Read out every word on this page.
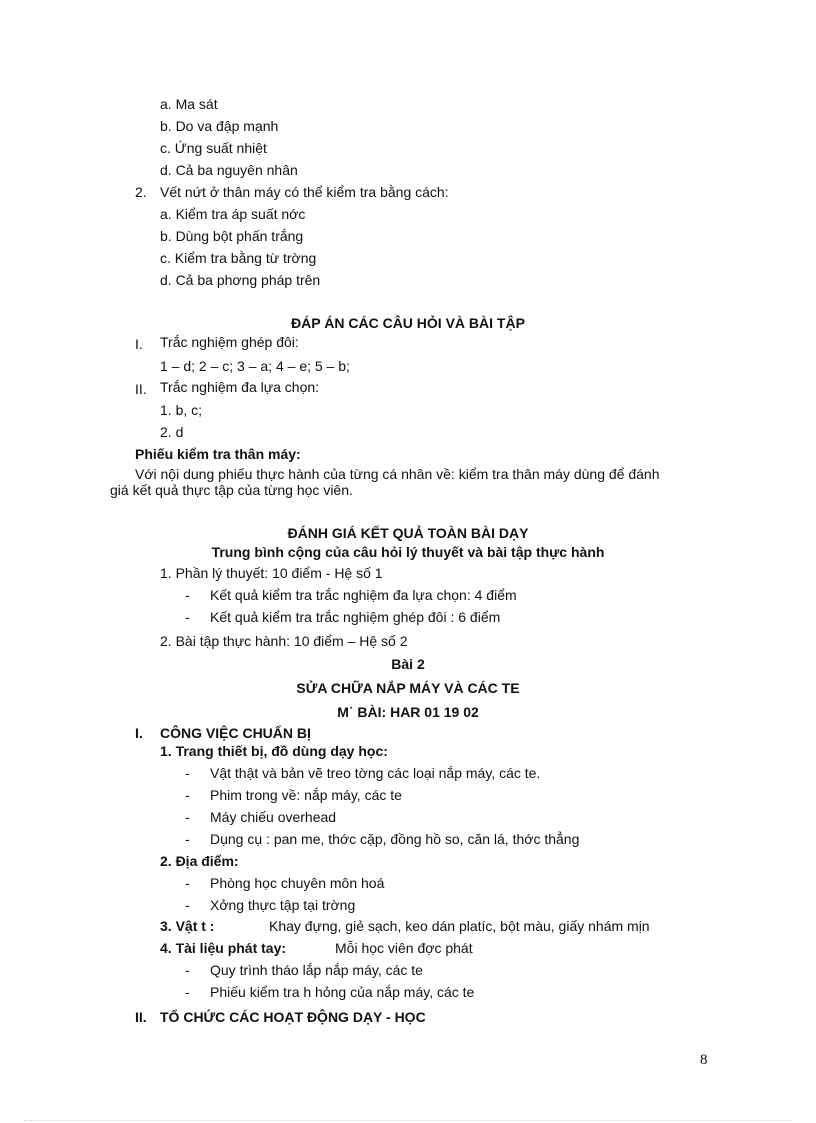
a. Ma sát
b. Do va đập mạnh
c. Ứng suất nhiệt
d. Cả ba nguyên nhân
2. Vết nứt ở thân máy có thể kiểm tra bằng cách:
a. Kiểm tra áp suất nớc
b. Dùng bột phấn trắng
c. Kiểm tra bằng từ trờng
d. Cả ba phơng pháp trên
ĐÁP ÁN CÁC CÂU HỎI VÀ BÀI TẬP
I. Trắc nghiệm ghép đôi:
1 – d; 2 – c; 3 – a; 4 – e; 5 – b;
II. Trắc nghiệm đa lựa chọn:
1. b, c;
2. d
Phiếu kiểm tra thân máy:
Với nội dung phiếu thực hành của từng cá nhân về: kiểm tra thân máy dùng để đánh
giá kết quả thực tập của từng học viên.
ĐÁNH GIÁ KẾT QUẢ TOÀN BÀI DẠY
Trung bình cộng của câu hỏi lý thuyết và bài tập thực hành
1. Phần lý thuyết: 10 điểm - Hệ số 1
- Kết quả kiểm tra trắc nghiệm đa lựa chọn: 4 điểm
- Kết quả kiểm tra trắc nghiệm ghép đôi : 6 điểm
2. Bài tập thực hành: 10 điểm – Hệ số 2
Bài 2
SỬA CHỮA NẮP MÁY VÀ CÁC TE
M˙ BÀI: HAR 01 19 02
I. CÔNG VIỆC CHUẨN BỊ
1. Trang thiết bị, đồ dùng dạy học:
- Vật thật và bản vẽ treo tờng các loại nắp máy, các te.
- Phim trong về: nắp máy, các te
- Máy chiếu overhead
- Dụng cụ : pan me, thớc cặp, đồng hồ so, căn lá, thớc thẳng
2. Địa điểm:
- Phòng học chuyên môn hoá
- Xởng thực tập tại trờng
3. Vật t :	Khay đựng, giẻ sạch, keo dán platíc, bột màu, giấy nhám mịn
4. Tài liệu phát tay:	Mỗi học viên đợc phát
- Quy trình tháo lắp nắp máy, các te
- Phiếu kiểm tra h hỏng của nắp máy, các te
II. TỔ CHỨC CÁC HOẠT ĐỘNG DẠY - HỌC
8
